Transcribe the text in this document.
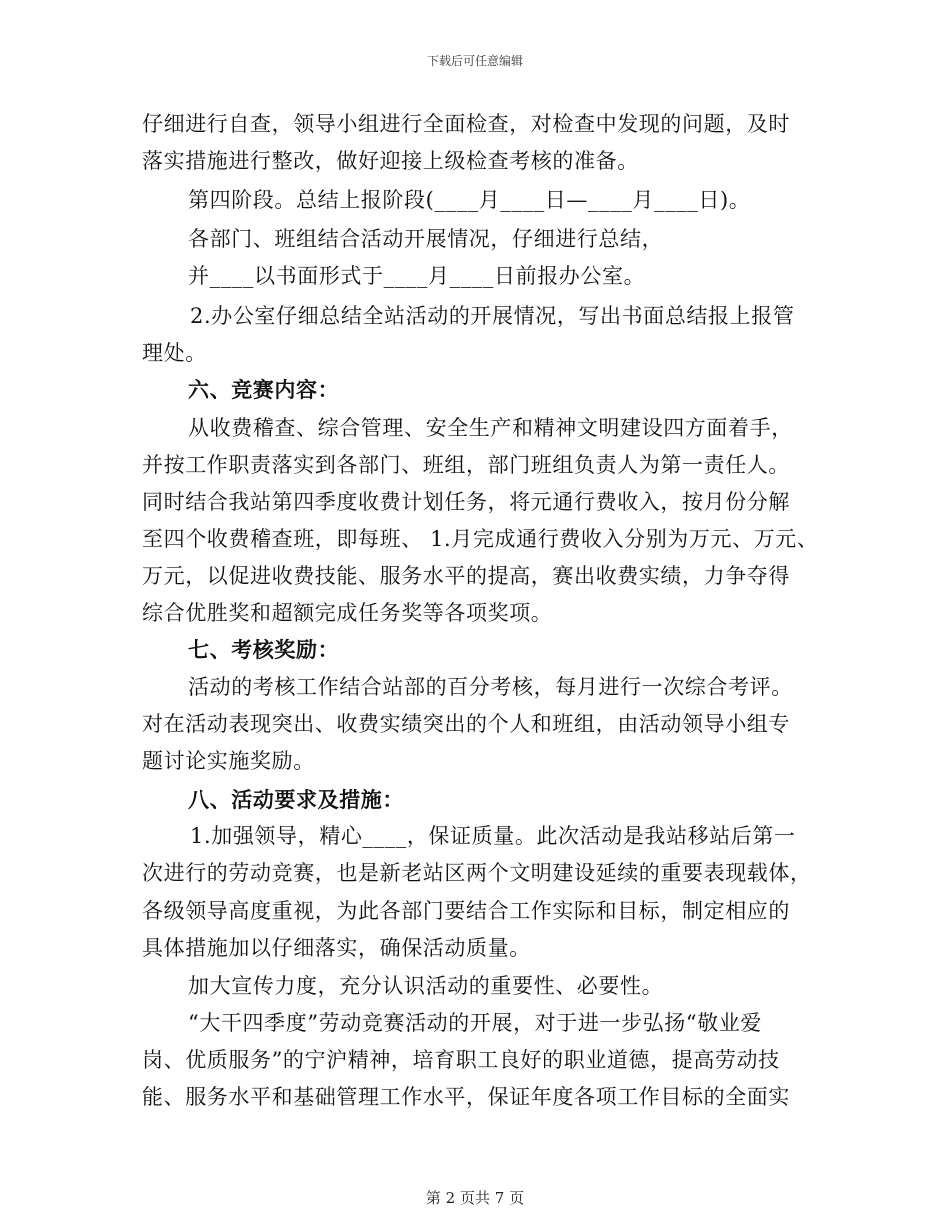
下载后可任意编辑
仔细进行自查，领导小组进行全面检查，对检查中发现的问题，及时
落实措施进行整改，做好迎接上级检查考核的准备。
第四阶段。总结上报阶段(____月____日—____月____日)。
各部门、班组结合活动开展情况，仔细进行总结，
并____以书面形式于____月____日前报办公室。
2.办公室仔细总结全站活动的开展情况，写出书面总结报上报管
理处。
六、竞赛内容：
从收费稽查、综合管理、安全生产和精神文明建设四方面着手，
并按工作职责落实到各部门、班组，部门班组负责人为第一责任人。
同时结合我站第四季度收费计划任务，将元通行费收入，按月份分解
至四个收费稽查班，即每班、 1.月完成通行费收入分别为万元、万元、
万元，以促进收费技能、服务水平的提高，赛出收费实绩，力争夺得
综合优胜奖和超额完成任务奖等各项奖项。
七、考核奖励：
活动的考核工作结合站部的百分考核，每月进行一次综合考评。
对在活动表现突出、收费实绩突出的个人和班组，由活动领导小组专
题讨论实施奖励。
八、活动要求及措施：
1.加强领导，精心____，保证质量。此次活动是我站移站后第一
次进行的劳动竞赛，也是新老站区两个文明建设延续的重要表现载体，
各级领导高度重视，为此各部门要结合工作实际和目标，制定相应的
具体措施加以仔细落实，确保活动质量。
加大宣传力度，充分认识活动的重要性、必要性。
“大干四季度”劳动竞赛活动的开展，对于进一步弘扬“敬业爱
岗、优质服务”的宁沪精神，培育职工良好的职业道德，提高劳动技
能、服务水平和基础管理工作水平，保证年度各项工作目标的全面实
第 2 页共 7 页
